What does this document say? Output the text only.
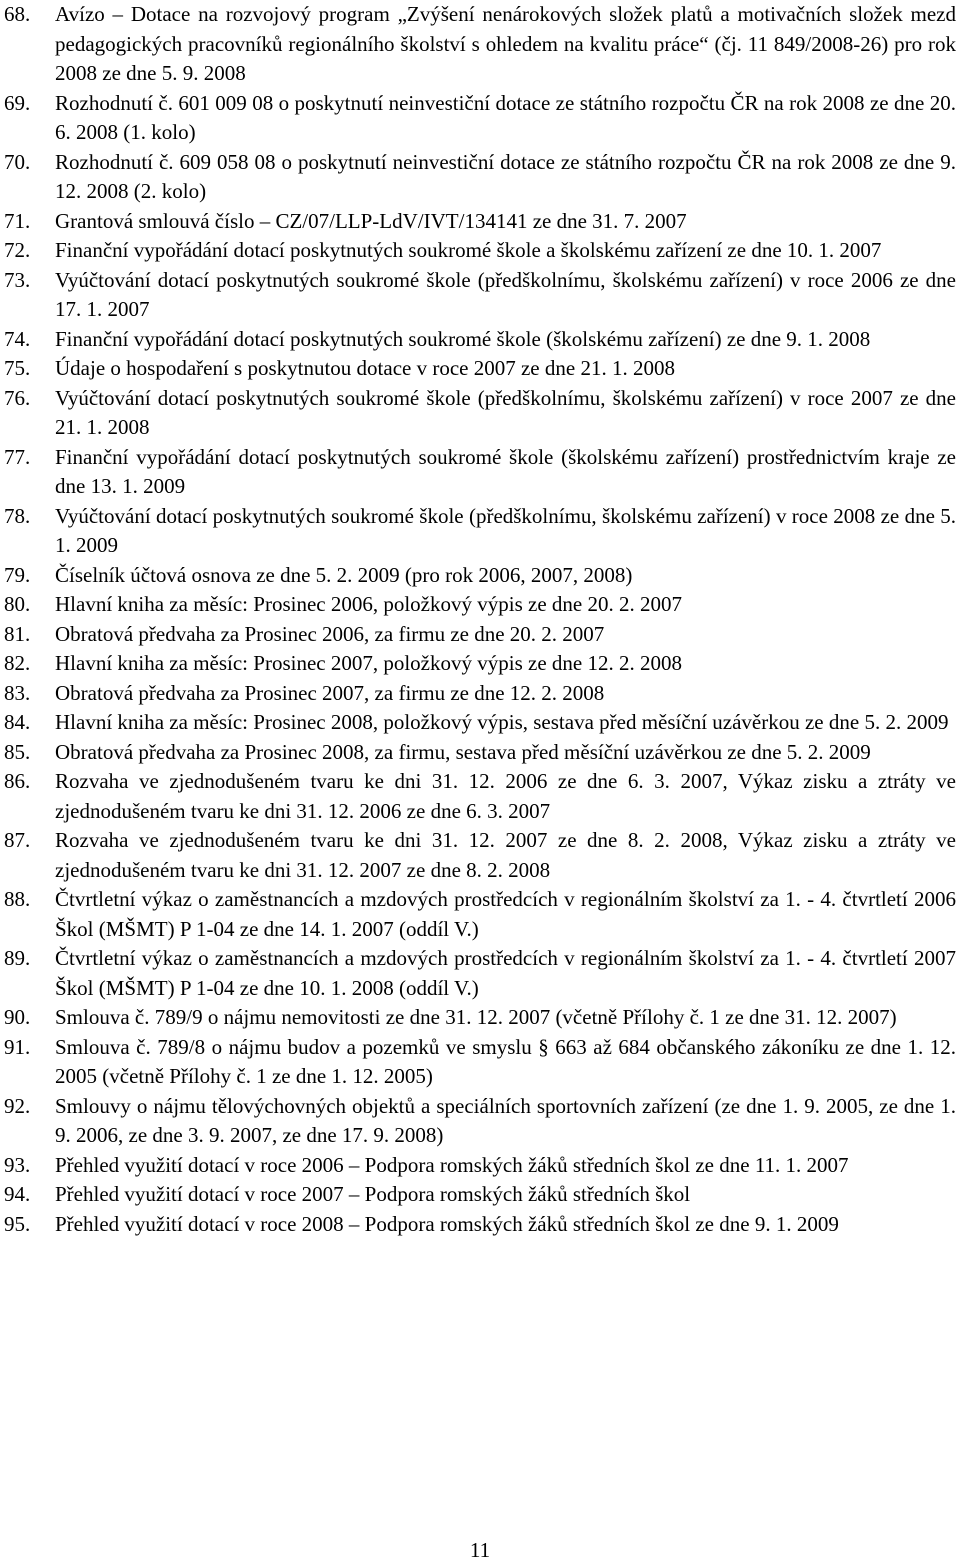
68. Avízo – Dotace na rozvojový program „Zvýšení nenárokových složek platů a motivačních složek mezd pedagogických pracovníků regionálního školství s ohledem na kvalitu práce“ (čj. 11 849/2008-26) pro rok 2008 ze dne 5. 9. 2008
69. Rozhodnutí č. 601 009 08 o poskytnutí neinvestiční dotace ze státního rozpočtu ČR na rok 2008 ze dne 20. 6. 2008 (1. kolo)
70. Rozhodnutí č. 609 058 08 o poskytnutí neinvestiční dotace ze státního rozpočtu ČR na rok 2008 ze dne 9. 12. 2008 (2. kolo)
71. Grantová smlouvá číslo – CZ/07/LLP-LdV/IVT/134141 ze dne 31. 7. 2007
72. Finanční vypořádání dotací poskytnutých soukromé škole a školskému zařízení ze dne 10. 1. 2007
73. Vyúčtování dotací poskytnutých soukromé škole (předškolnímu, školskému zařízení) v roce 2006 ze dne 17. 1. 2007
74. Finanční vypořádání dotací poskytnutých soukromé škole (školskému zařízení) ze dne 9. 1. 2008
75. Údaje o hospodaření s poskytnutou dotace v roce 2007 ze dne 21. 1. 2008
76. Vyúčtování dotací poskytnutých soukromé škole (předškolnímu, školskému zařízení) v roce 2007 ze dne 21. 1. 2008
77. Finanční vypořádání dotací poskytnutých soukromé škole (školskému zařízení) prostřednictvím kraje ze dne 13. 1. 2009
78. Vyúčtování dotací poskytnutých soukromé škole (předškolnímu, školskému zařízení) v roce 2008 ze dne 5. 1. 2009
79. Číselník účtová osnova ze dne 5. 2. 2009 (pro rok 2006, 2007, 2008)
80. Hlavní kniha za měsíc: Prosinec 2006, položkový výpis ze dne 20. 2. 2007
81. Obratová předvaha za Prosinec 2006, za firmu ze dne 20. 2. 2007
82. Hlavní kniha za měsíc: Prosinec 2007, položkový výpis ze dne 12. 2. 2008
83. Obratová předvaha za Prosinec 2007, za firmu ze dne 12. 2. 2008
84. Hlavní kniha za měsíc: Prosinec 2008, položkový výpis, sestava před měsíční uzávěrkou ze dne 5. 2. 2009
85. Obratová předvaha za Prosinec 2008, za firmu, sestava před měsíční uzávěrkou ze dne 5. 2. 2009
86. Rozvaha ve zjednodušeném tvaru ke dni 31. 12. 2006 ze dne 6. 3. 2007, Výkaz zisku a ztráty ve zjednodušeném tvaru ke dni 31. 12. 2006 ze dne 6. 3. 2007
87. Rozvaha ve zjednodušeném tvaru ke dni 31. 12. 2007 ze dne 8. 2. 2008, Výkaz zisku a ztráty ve zjednodušeném tvaru ke dni 31. 12. 2007 ze dne 8. 2. 2008
88. Čtvrtletní výkaz o zaměstnancích a mzdových prostředcích v regionálním školství za 1. - 4. čtvrtletí 2006 Škol (MŠMT) P 1-04 ze dne 14. 1. 2007 (oddíl V.)
89. Čtvrtletní výkaz o zaměstnancích a mzdových prostředcích v regionálním školství za 1. - 4. čtvrtletí 2007 Škol (MŠMT) P 1-04 ze dne 10. 1. 2008 (oddíl V.)
90. Smlouva č. 789/9 o nájmu nemovitosti ze dne 31. 12. 2007 (včetně Přílohy č. 1 ze dne 31. 12. 2007)
91. Smlouva č. 789/8 o nájmu budov a pozemků ve smyslu § 663 až 684 občanského zákoníku ze dne 1. 12. 2005 (včetně Přílohy č. 1 ze dne 1. 12. 2005)
92. Smlouvy o nájmu tělovýchovných objektů a speciálních sportovních zařízení (ze dne 1. 9. 2005, ze dne 1. 9. 2006, ze dne 3. 9. 2007, ze dne 17. 9. 2008)
93. Přehled využití dotací v roce 2006 – Podpora romských žáků středních škol ze dne 11. 1. 2007
94. Přehled využití dotací v roce 2007 – Podpora romských žáků středních škol
95. Přehled využití dotací v roce 2008 – Podpora romských žáků středních škol ze dne 9. 1. 2009
11
